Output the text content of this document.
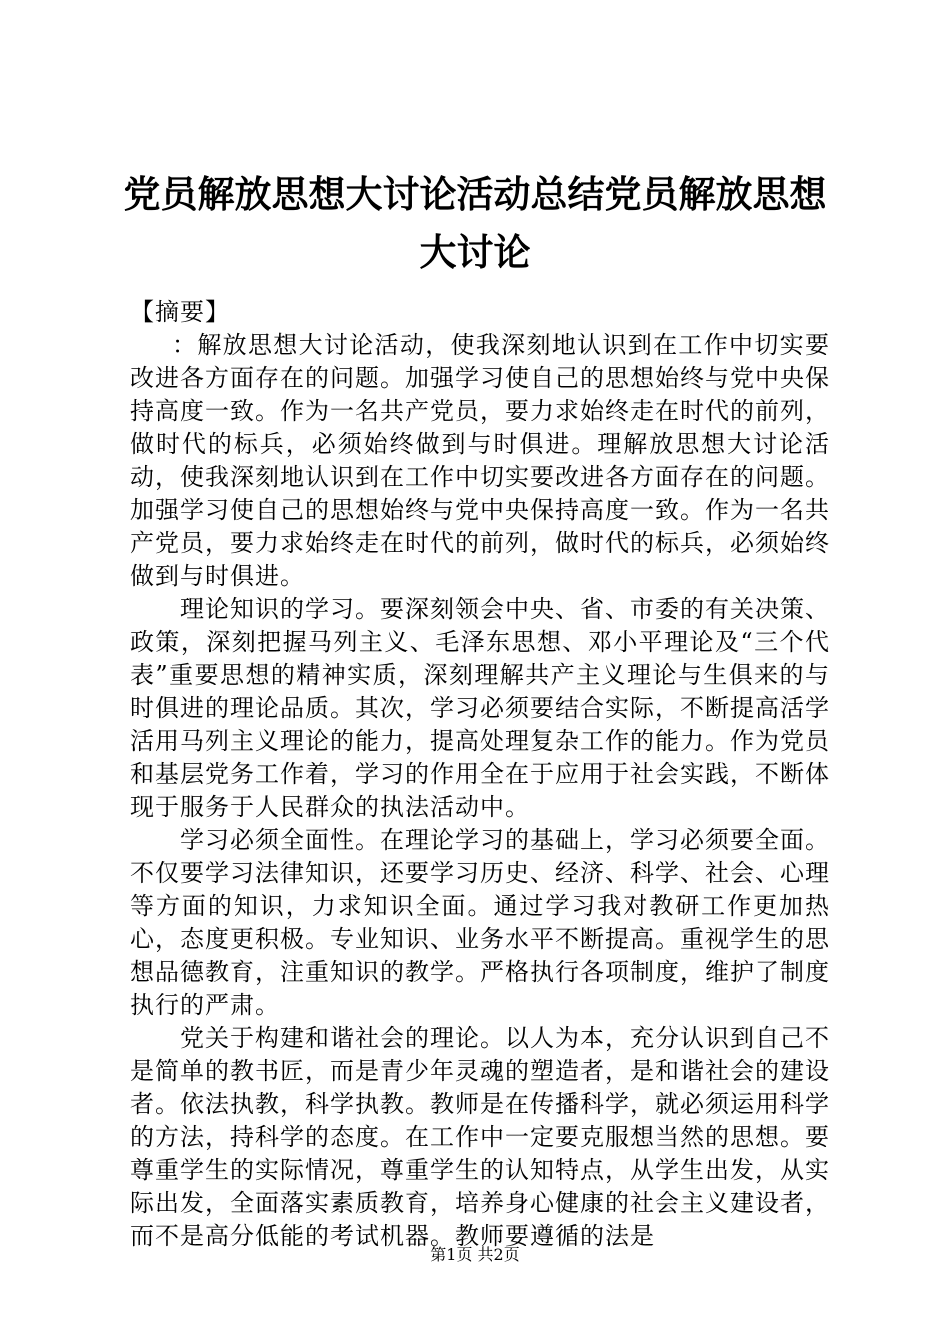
党员解放思想大讨论活动总结党员解放思想大讨论

【摘要】

：解放思想大讨论活动，使我深刻地认识到在工作中切实要改进各方面存在的问题。加强学习使自己的思想始终与党中央保持高度一致。作为一名共产党员，要力求始终走在时代的前列，做时代的标兵，必须始终做到与时俱进。理解放思想大讨论活动，使我深刻地认识到在工作中切实要改进各方面存在的问题。加强学习使自己的思想始终与党中央保持高度一致。作为一名共产党员，要力求始终走在时代的前列，做时代的标兵，必须始终做到与时俱进。

理论知识的学习。要深刻领会中央、省、市委的有关决策、政策，深刻把握马列主义、毛泽东思想、邓小平理论及“三个代表”重要思想的精神实质，深刻理解共产主义理论与生俱来的与时俱进的理论品质。其次，学习必须要结合实际，不断提高活学活用马列主义理论的能力，提高处理复杂工作的能力。作为党员和基层党务工作着，学习的作用全在于应用于社会实践，不断体现于服务于人民群众的执法活动中。

学习必须全面性。在理论学习的基础上，学习必须要全面。不仅要学习法律知识，还要学习历史、经济、科学、社会、心理等方面的知识，力求知识全面。通过学习我对教研工作更加热心，态度更积极。专业知识、业务水平不断提高。重视学生的思想品德教育，注重知识的教学。严格执行各项制度，维护了制度执行的严肃。

党关于构建和谐社会的理论。以人为本，充分认识到自己不是简单的教书匠，而是青少年灵魂的塑造者，是和谐社会的建设者。依法执教，科学执教。教师是在传播科学，就必须运用科学的方法，持科学的态度。在工作中一定要克服想当然的思想。要尊重学生的实际情况，尊重学生的认知特点，从学生出发，从实际出发，全面落实素质教育，培养身心健康的社会主义建设者，而不是高分低能的考试机器。教师要遵循的法是

第1页 共2页
